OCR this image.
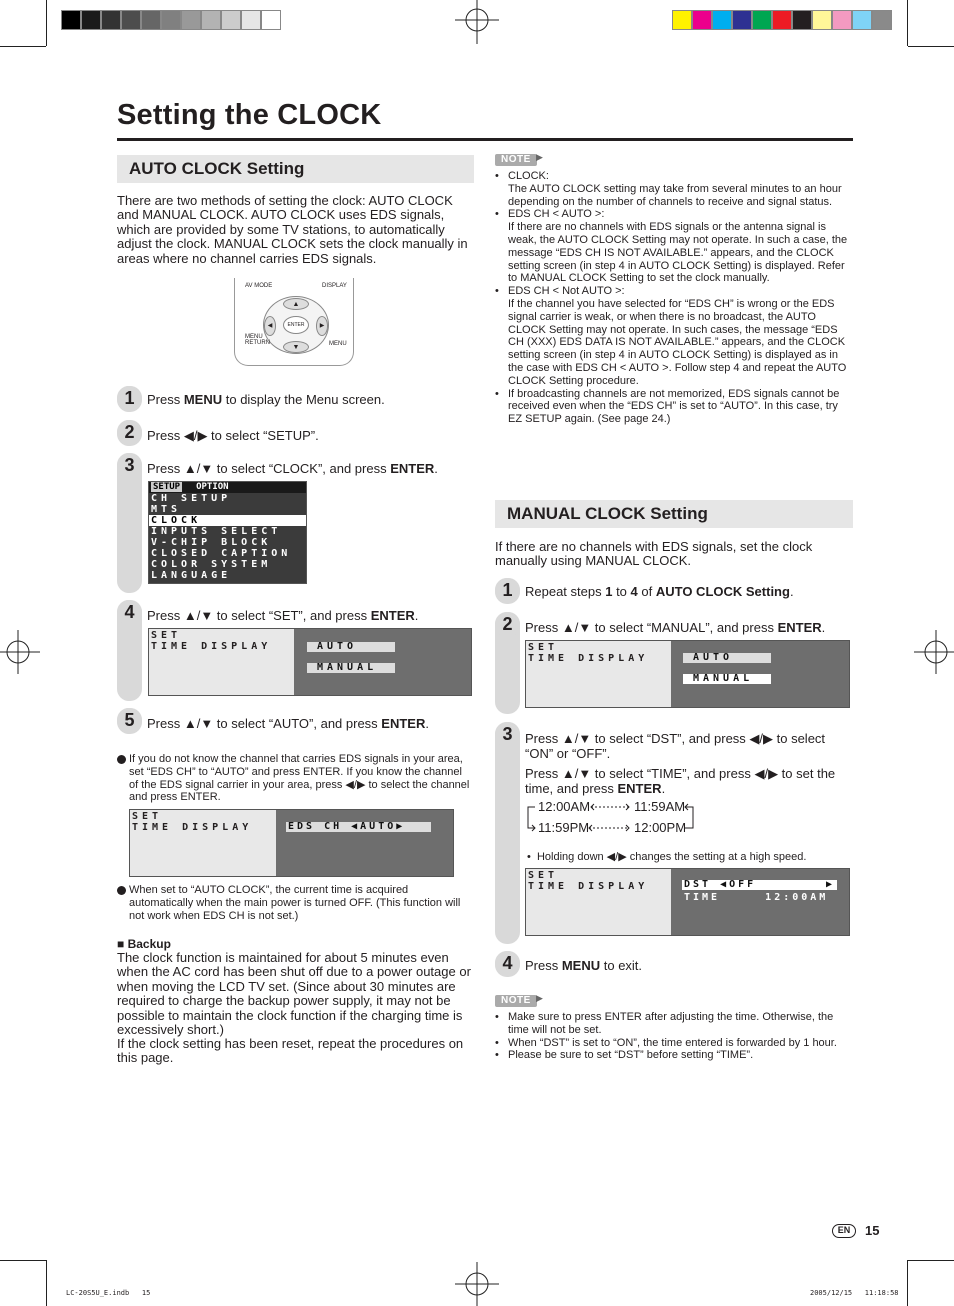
Setting the CLOCK
AUTO CLOCK Setting
There are two methods of setting the clock: AUTO CLOCK and MANUAL CLOCK. AUTO CLOCK uses EDS signals, which are provided by some TV stations, to automatically adjust the clock. MANUAL CLOCK sets the clock manually in areas where no channel carries EDS signals.
AV MODE	DISPLAY
▲
▼
◀	▶
ENTER
MENU RETURN	MENU
1 Press MENU to display the Menu screen.
2 Press ◀/▶ to select “SETUP”.
3 Press ▲/▼ to select “CLOCK”, and press ENTER.
SETUP OPTION
CH SETUP
MTS
CLOCK
INPUTS SELECT
V-CHIP BLOCK
CLOSED CAPTION
COLOR SYSTEM
LANGUAGE
4 Press ▲/▼ to select “SET”, and press ENTER.
SET
TIME DISPLAY	AUTO
MANUAL
5 Press ▲/▼ to select “AUTO”, and press ENTER.
If you do not know the channel that carries EDS signals in your area, set “EDS CH” to “AUTO” and press ENTER. If you know the channel of the EDS signal carrier in your area, press ◀/▶ to select the channel and press ENTER.
SET
TIME DISPLAY	EDS CH ◀AUTO▶
When set to “AUTO CLOCK”, the current time is acquired automatically when the main power is turned OFF. (This function will not work when EDS CH is not set.)
■ Backup
The clock function is maintained for about 5 minutes even when the AC cord has been shut off due to a power outage or when moving the LCD TV set. (Since about 30 minutes are required to charge the backup power supply, it may not be possible to maintain the clock function if the charging time is excessively short.)
If the clock setting has been reset, repeat the procedures on this page.
NOTE ▶
• CLOCK:
The AUTO CLOCK setting may take from several minutes to an hour depending on the number of channels to receive and signal status.
• EDS CH < AUTO >:
If there are no channels with EDS signals or the antenna signal is weak, the AUTO CLOCK Setting may not operate. In such a case, the message “EDS CH IS NOT AVAILABLE.” appears, and the CLOCK setting screen (in step 4 in AUTO CLOCK Setting) is displayed. Refer to MANUAL CLOCK Setting to set the clock manually.
• EDS CH < Not AUTO >:
If the channel you have selected for “EDS CH” is wrong or the EDS signal carrier is weak, or when there is no broadcast, the AUTO CLOCK Setting may not operate. In such cases, the message “EDS CH (XXX) EDS DATA IS NOT AVAILABLE.” appears, and the CLOCK setting screen (in step 4 in AUTO CLOCK Setting) is displayed as in the case with EDS CH < AUTO >. Follow step 4 and repeat the AUTO CLOCK Setting procedure.
• If broadcasting channels are not memorized, EDS signals cannot be received even when the “EDS CH” is set to “AUTO”. In this case, try EZ SETUP again. (See page 24.)
MANUAL CLOCK Setting
If there are no channels with EDS signals, set the clock manually using MANUAL CLOCK.
1 Repeat steps 1 to 4 of AUTO CLOCK Setting.
2 Press ▲/▼ to select “MANUAL”, and press ENTER.
SET
TIME DISPLAY	AUTO
MANUAL
3 Press ▲/▼ to select “DST”, and press ◀/▶ to select “ON” or “OFF”.
Press ▲/▼ to select “TIME”, and press ◀/▶ to set the time, and press ENTER.
12:00AM	11:59AM
11:59PM	12:00PM
•  Holding down ◀/▶ changes the setting at a high speed.
SET
TIME DISPLAY	DST ◀OFF	▶
TIME     12:00AM
4 Press MENU to exit.
NOTE ▶
• Make sure to press ENTER after adjusting the time. Otherwise, the time will not be set.
• When “DST” is set to “ON”, the time entered is forwarded by 1 hour.
• Please be sure to set “DST” before setting “TIME”.
EN	15
LC-20S5U_E.indb   15	2005/12/15   11:18:58
